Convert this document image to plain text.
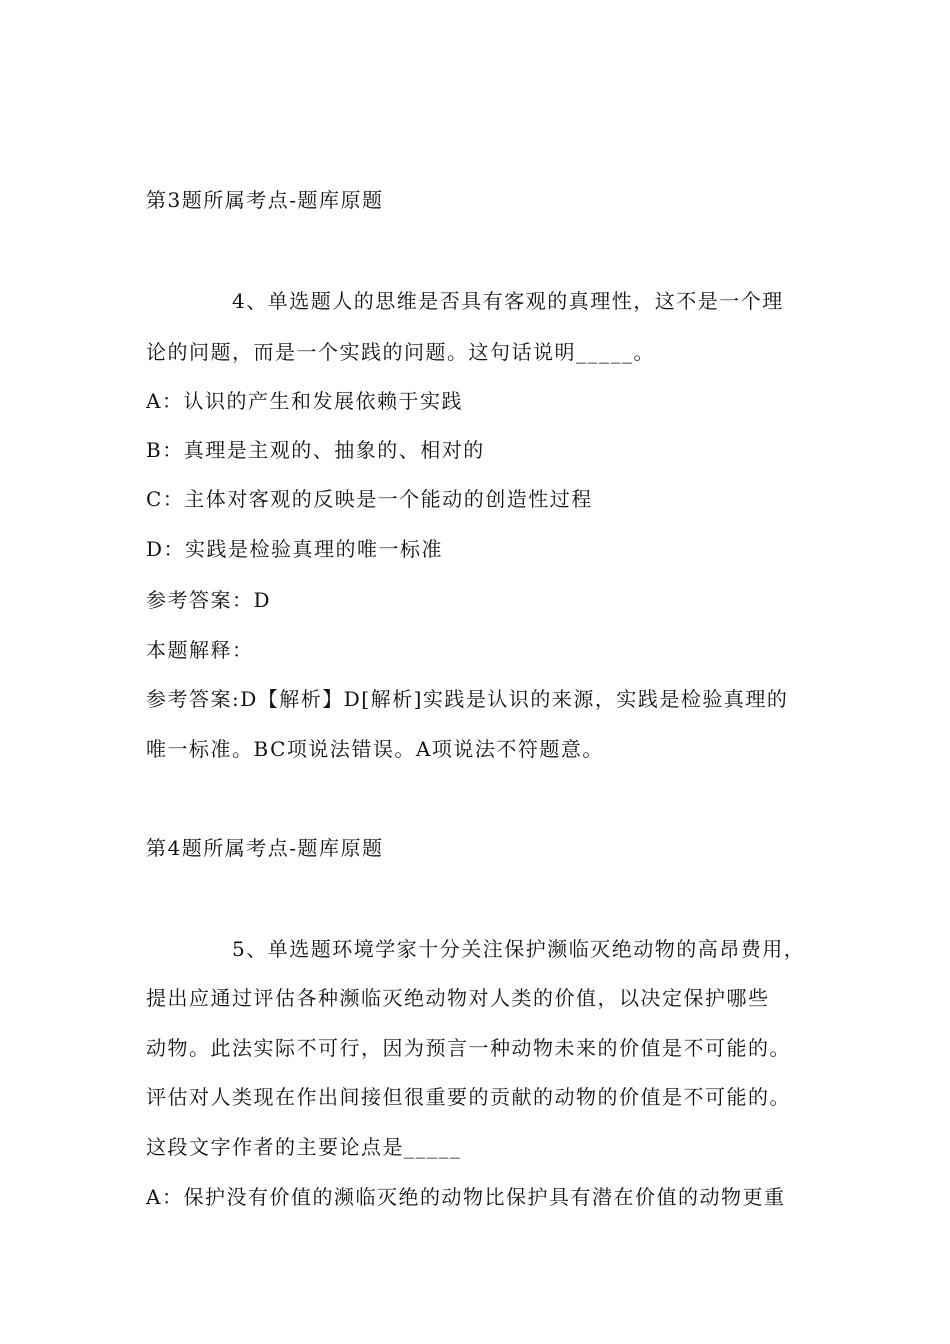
第3题所属考点-题库原题

4、单选题人的思维是否具有客观的真理性，这不是一个理

论的问题，而是一个实践的问题。这句话说明_____。

A：认识的产生和发展依赖于实践

B：真理是主观的、抽象的、相对的

C：主体对客观的反映是一个能动的创造性过程

D：实践是检验真理的唯一标准

参考答案：D

本题解释：

参考答案:D【解析】D[解析]实践是认识的来源，实践是检验真理的

唯一标准。BC项说法错误。A项说法不符题意。

第4题所属考点-题库原题

5、单选题环境学家十分关注保护濒临灭绝动物的高昂费用，

提出应通过评估各种濒临灭绝动物对人类的价值，以决定保护哪些

动物。此法实际不可行，因为预言一种动物未来的价值是不可能的。

评估对人类现在作出间接但很重要的贡献的动物的价值是不可能的。

这段文字作者的主要论点是_____

A：保护没有价值的濒临灭绝的动物比保护具有潜在价值的动物更重
